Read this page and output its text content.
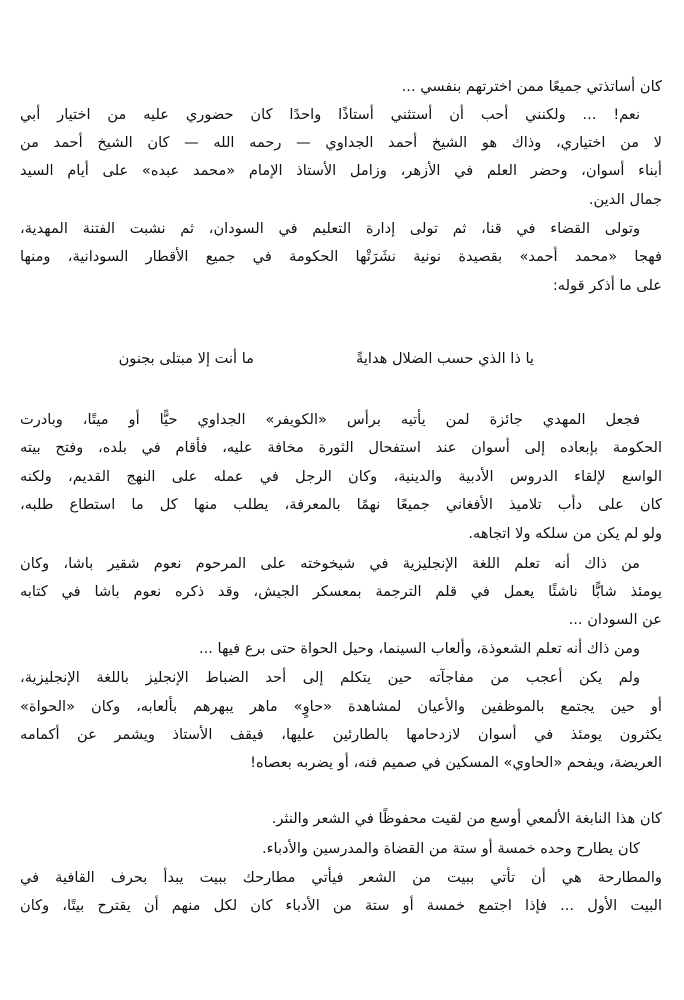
كان أساتذتي جميعًا ممن اخترتهم بنفسي ...
نعم! ... ولكنني أحب أن أستثني أستاذًا واحدًا كان حضوري عليه من اختيار أبي
لا من اختياري، وذاك هو الشيخ أحمد الجداوي — رحمه الله — كان الشيخ أحمد من
أبناء أسوان، وحضر العلم في الأزهر، وزامل الأستاذ الإمام «محمد عبده» على أيام السيد
جمال الدين.
وتولى القضاء في قنا، ثم تولى إدارة التعليم في السودان، ثم نشبت الفتنة المهدية،
فهجا «محمد أحمد» بقصيدة نونية نشَرَتْها الحكومة في جميع الأقطار السودانية، ومنها
على ما أذكر قوله:
يا ذا الذي حسب الضلال هدايةً
ما أنت إلا مبتلى بجنون
فجعل المهدي جائزة لمن يأتيه برأس «الكويفر» الجداوي حيًّا أو ميتًا، وبادرت
الحكومة بإبعاده إلى أسوان عند استفحال الثورة مخافة عليه، فأقام في بلده، وفتح بيته
الواسع لإلقاء الدروس الأدبية والدينية، وكان الرجل في عمله على النهج القديم، ولكنه
كان على دأب تلاميذ الأفغاني جميعًا نهمًا بالمعرفة، يطلب منها كل ما استطاع طلبه،
ولو لم يكن من سلكه ولا اتجاهه.
من ذاك أنه تعلم اللغة الإنجليزية في شيخوخته على المرحوم نعوم شقير باشا، وكان
يومئذ شابًّا ناشئًا يعمل في قلم الترجمة بمعسكر الجيش، وقد ذكره نعوم باشا في كتابه
عن السودان ...
ومن ذاك أنه تعلم الشعوذة، وألعاب السينما، وحيل الحواة حتى برع فيها ...
ولم يكن أعجب من مفاجآته حين يتكلم إلى أحد الضباط الإنجليز باللغة الإنجليزية،
أو حين يجتمع بالموظفين والأعيان لمشاهدة «حاوٍ» ماهر يبهرهم بألعابه، وكان «الحواة»
يكثرون يومئذ في أسوان لازدحامها بالطارئين عليها، فيقف الأستاذ ويشمر عن أكمامه
العريضة، ويفحم «الحاوي» المسكين في صميم فنه، أو يضربه بعصاه!
كان هذا النابغة الألمعي أوسع من لقيت محفوظًا في الشعر والنثر.
كان يطارح وحده خمسة أو ستة من القضاة والمدرسين والأدباء.
والمطارحة هي أن تأتي ببيت من الشعر فيأتي مطارحك ببيت يبدأ بحرف القافية في
البيت الأول ... فإذا اجتمع خمسة أو ستة من الأدباء كان لكل منهم أن يقترح بيتًا، وكان
